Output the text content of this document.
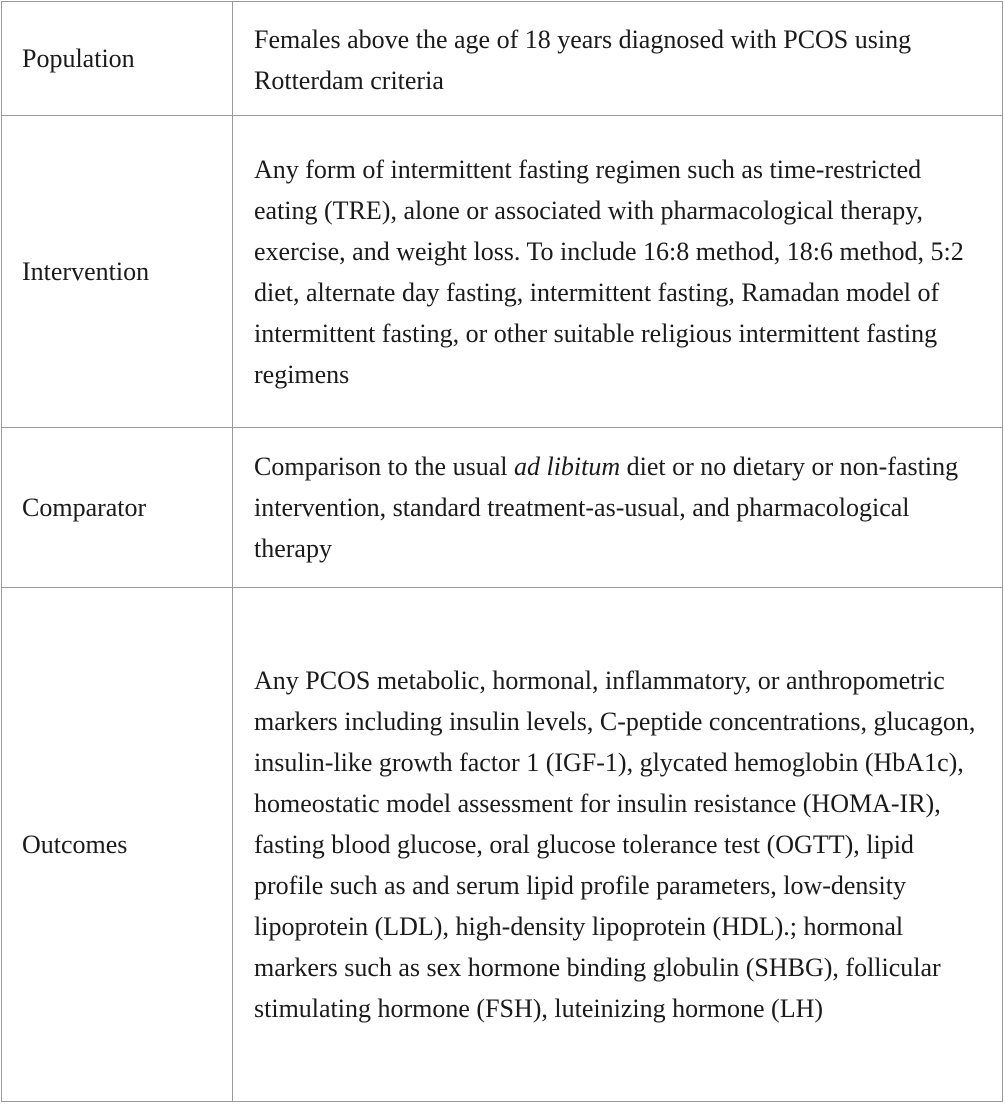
Population	Females above the age of 18 years diagnosed with PCOS using Rotterdam criteria
Intervention	Any form of intermittent fasting regimen such as time-restricted eating (TRE), alone or associated with pharmacological therapy, exercise, and weight loss. To include 16:8 method, 18:6 method, 5:2 diet, alternate day fasting, intermittent fasting, Ramadan model of intermittent fasting, or other suitable religious intermittent fasting regimens
Comparator	Comparison to the usual ad libitum diet or no dietary or non-fasting intervention, standard treatment-as-usual, and pharmacological therapy
Outcomes	Any PCOS metabolic, hormonal, inflammatory, or anthropometric markers including insulin levels, C-peptide concentrations, glucagon, insulin-like growth factor 1 (IGF-1), glycated hemoglobin (HbA1c), homeostatic model assessment for insulin resistance (HOMA-IR), fasting blood glucose, oral glucose tolerance test (OGTT), lipid profile such as and serum lipid profile parameters, low-density lipoprotein (LDL), high-density lipoprotein (HDL).; hormonal markers such as sex hormone binding globulin (SHBG), follicular stimulating hormone (FSH), luteinizing hormone (LH)
